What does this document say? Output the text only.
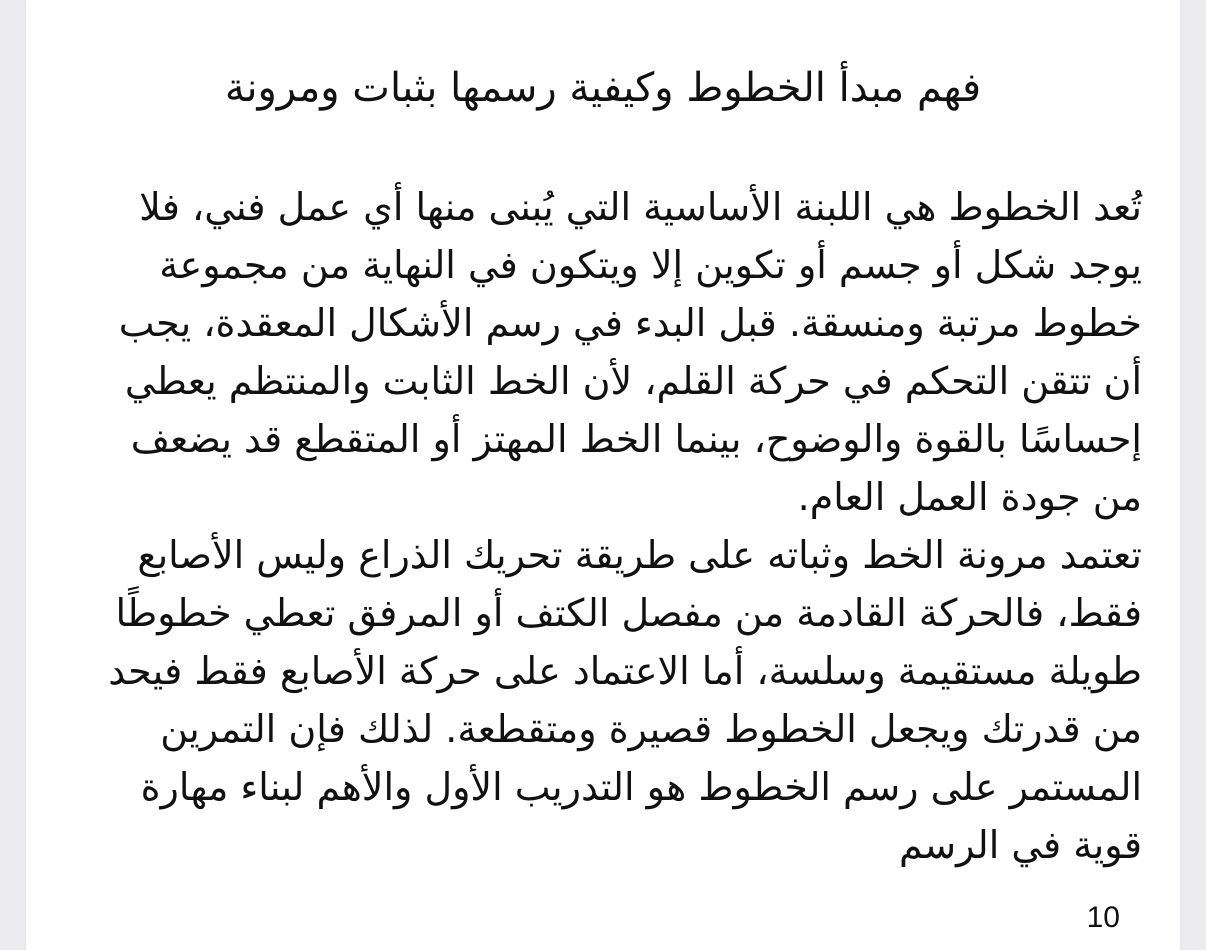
فهم مبدأ الخطوط وكيفية رسمها بثبات ومرونة

تُعد الخطوط هي اللبنة الأساسية التي يُبنى منها أي عمل فني، فلا يوجد شكل أو جسم أو تكوين إلا ويتكون في النهاية من مجموعة خطوط مرتبة ومنسقة. قبل البدء في رسم الأشكال المعقدة، يجب أن تتقن التحكم في حركة القلم، لأن الخط الثابت والمنتظم يعطي إحساسًا بالقوة والوضوح، بينما الخط المهتز أو المتقطع قد يضعف من جودة العمل العام.

تعتمد مرونة الخط وثباته على طريقة تحريك الذراع وليس الأصابع فقط، فالحركة القادمة من مفصل الكتف أو المرفق تعطي خطوطًا طويلة مستقيمة وسلسة، أما الاعتماد على حركة الأصابع فقط فيحد من قدرتك ويجعل الخطوط قصيرة ومتقطعة. لذلك فإن التمرين المستمر على رسم الخطوط هو التدريب الأول والأهم لبناء مهارة قوية في الرسم

10
